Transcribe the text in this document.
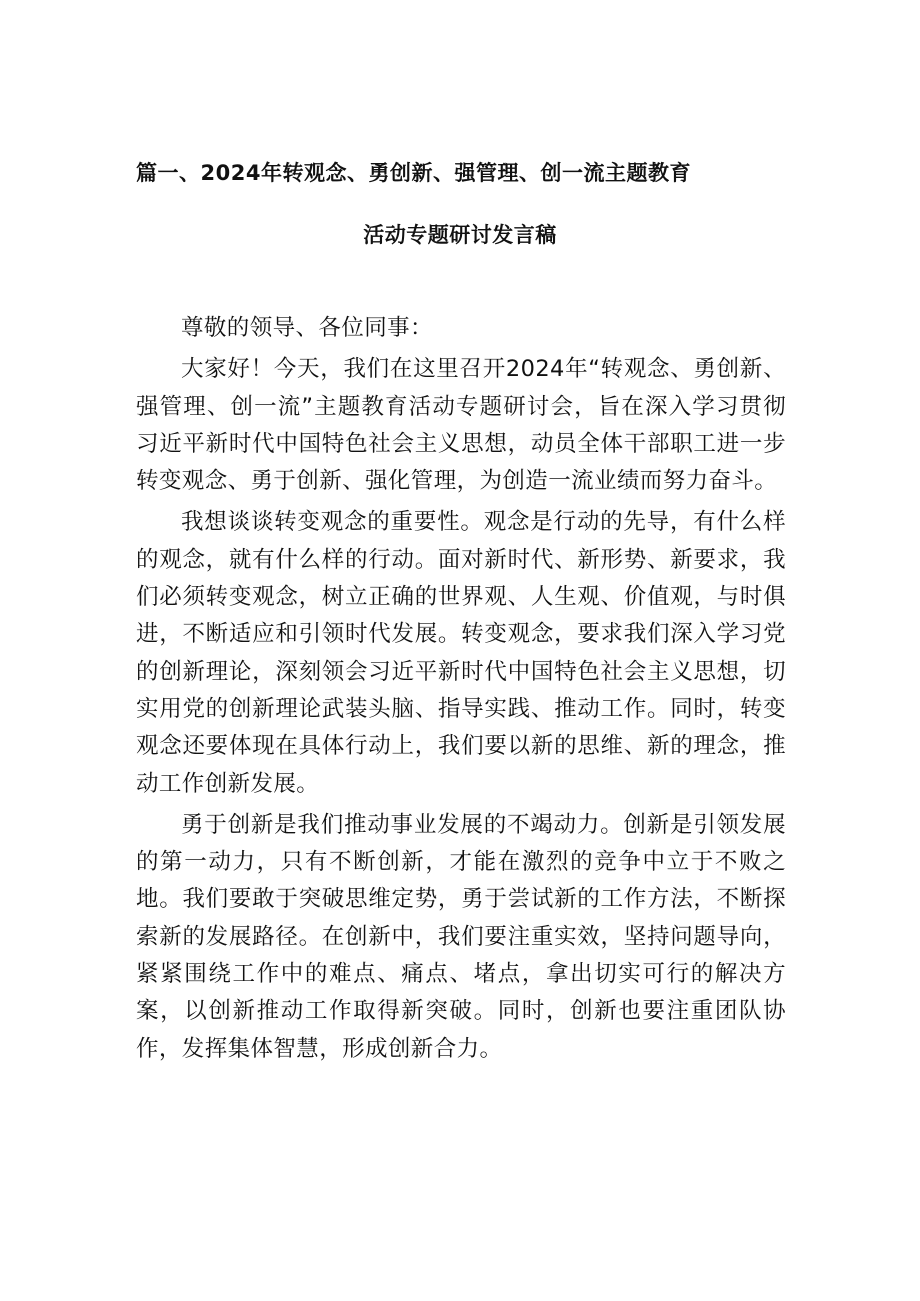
篇一、2024年转观念、勇创新、强管理、创一流主题教育
活动专题研讨发言稿

尊敬的领导、各位同事：

大家好！今天，我们在这里召开2024年“转观念、勇创新、强管理、创一流”主题教育活动专题研讨会，旨在深入学习贯彻习近平新时代中国特色社会主义思想，动员全体干部职工进一步转变观念、勇于创新、强化管理，为创造一流业绩而努力奋斗。

我想谈谈转变观念的重要性。观念是行动的先导，有什么样的观念，就有什么样的行动。面对新时代、新形势、新要求，我们必须转变观念，树立正确的世界观、人生观、价值观，与时俱进，不断适应和引领时代发展。转变观念，要求我们深入学习党的创新理论，深刻领会习近平新时代中国特色社会主义思想，切实用党的创新理论武装头脑、指导实践、推动工作。同时，转变观念还要体现在具体行动上，我们要以新的思维、新的理念，推动工作创新发展。

勇于创新是我们推动事业发展的不竭动力。创新是引领发展的第一动力，只有不断创新，才能在激烈的竞争中立于不败之地。我们要敢于突破思维定势，勇于尝试新的工作方法，不断探索新的发展路径。在创新中，我们要注重实效，坚持问题导向，紧紧围绕工作中的难点、痛点、堵点，拿出切实可行的解决方案，以创新推动工作取得新突破。同时，创新也要注重团队协作，发挥集体智慧，形成创新合力。
